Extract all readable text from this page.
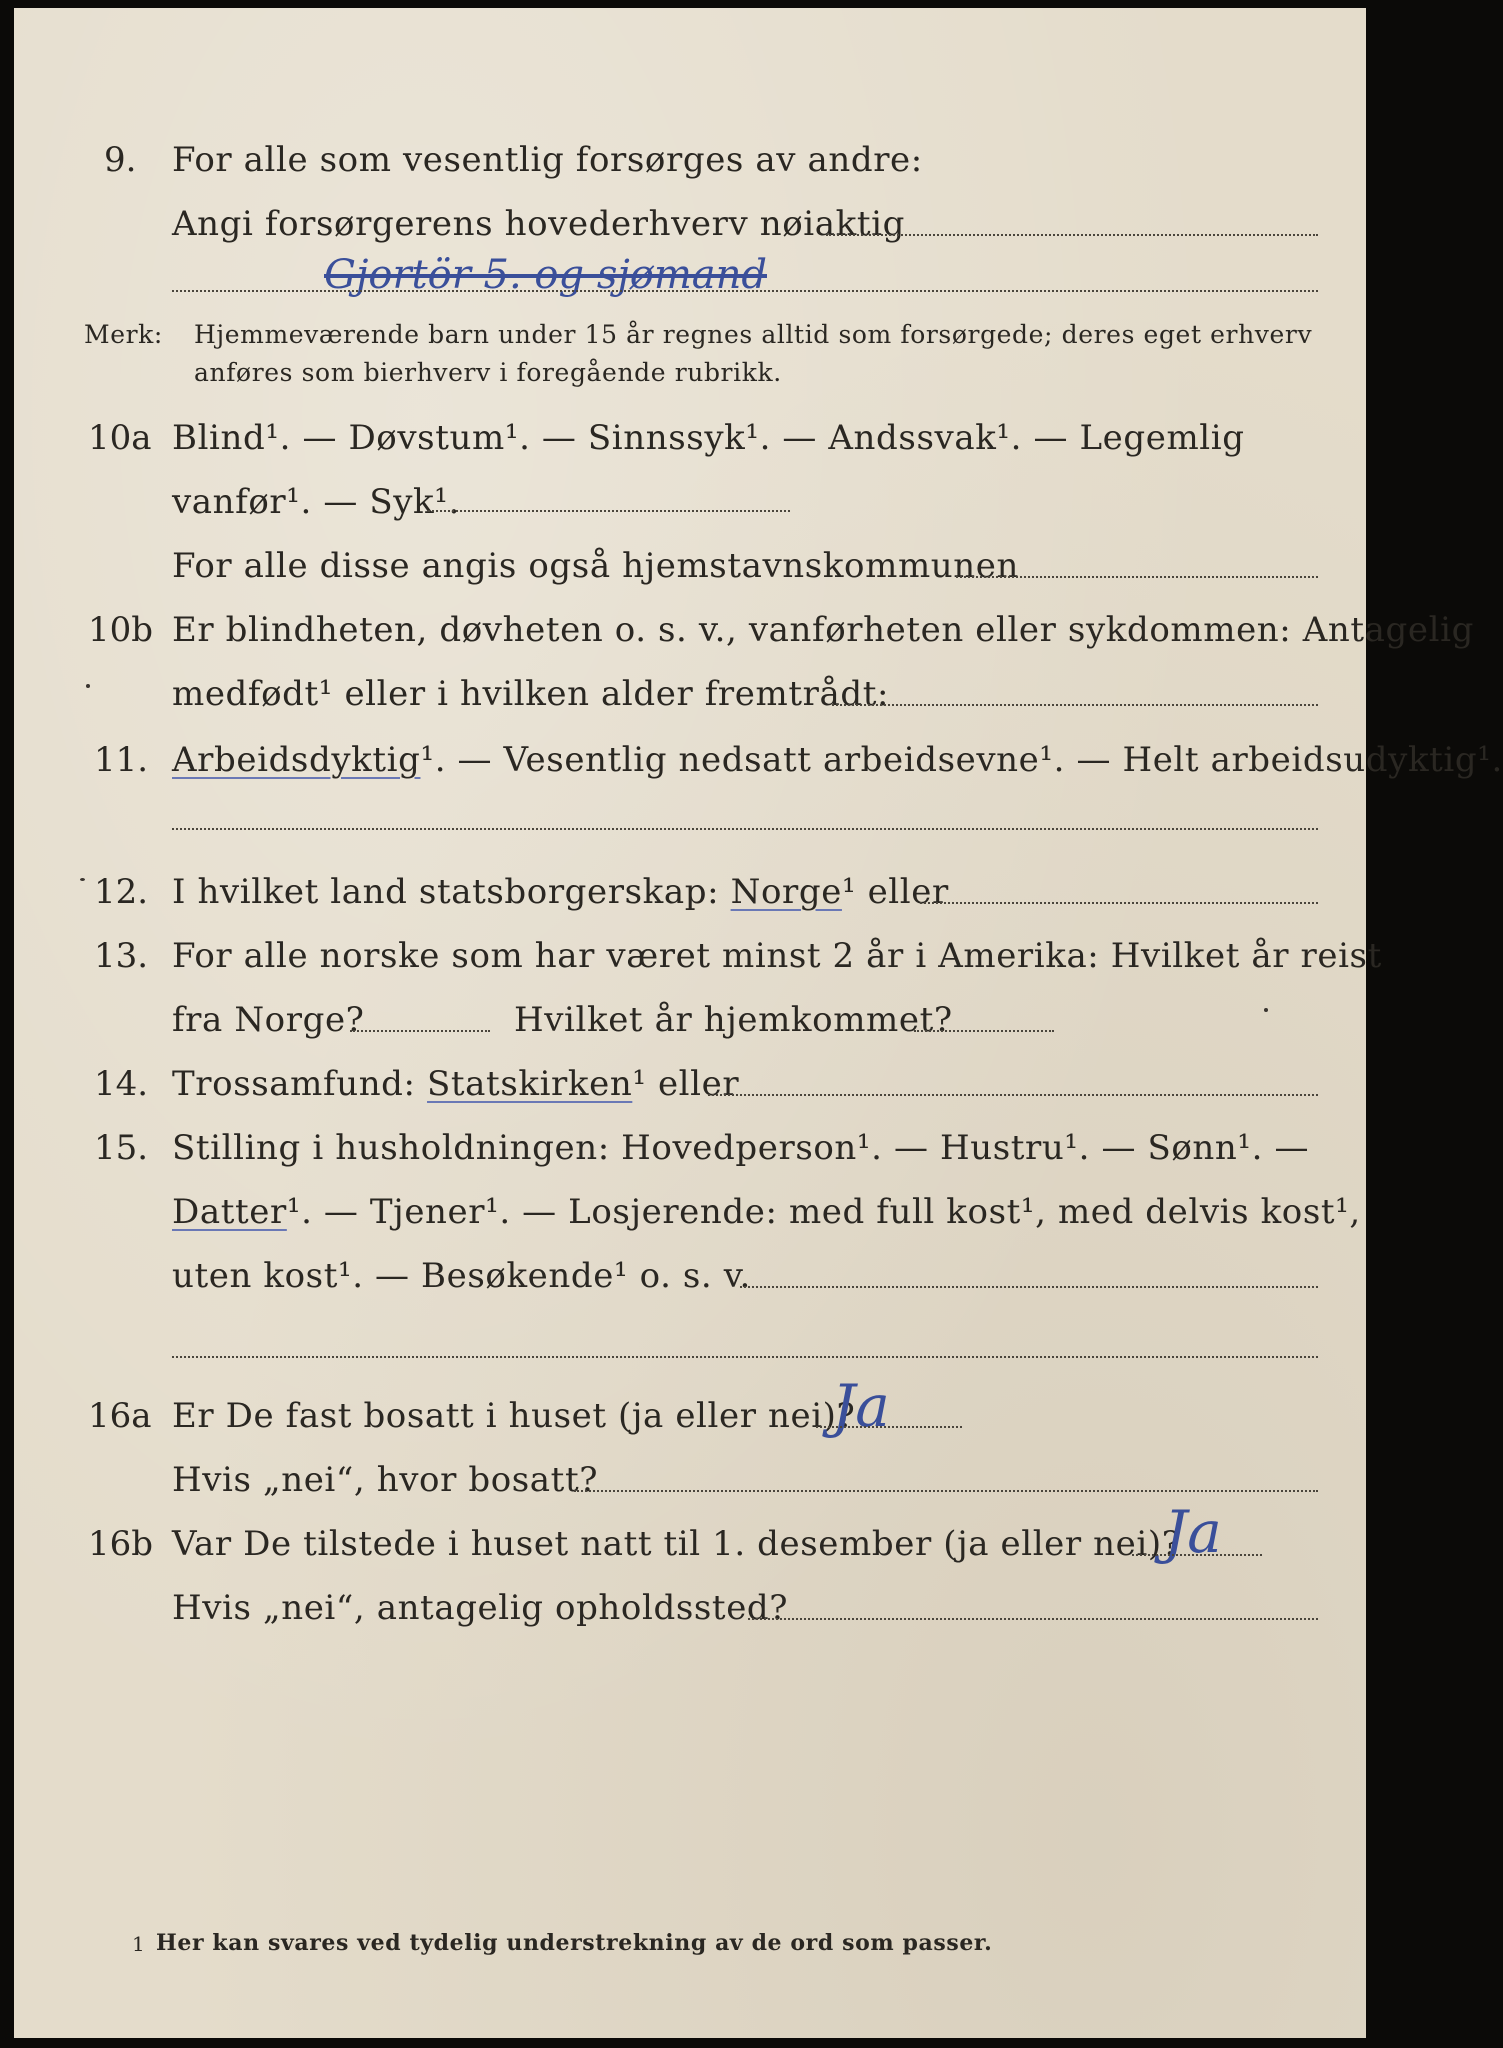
9. For alle som vesentlig forsørges av andre:
Angi forsørgerens hovederhverv nøiaktig
Gjortör 5. og sjømand
Merk: Hjemmeværende barn under 15 år regnes alltid som forsørgede; deres eget erhverv
anføres som bierhverv i foregående rubrikk.
10a Blind¹. — Døvstum¹. — Sinnssyk¹. — Andssvak¹. — Legemlig
vanfør¹. — Syk¹.
For alle disse angis også hjemstavnskommunen
10b Er blindheten, døvheten o. s. v., vanførheten eller sykdommen: Antagelig
medfødt¹ eller i hvilken alder fremtrådt:
11. Arbeidsdyktig¹. — Vesentlig nedsatt arbeidsevne¹. — Helt arbeidsudyktig¹.
12. I hvilket land statsborgerskap: Norge¹ eller
13. For alle norske som har været minst 2 år i Amerika: Hvilket år reist
fra Norge?	Hvilket år hjemkommet?
14. Trossamfund: Statskirken¹ eller
15. Stilling i husholdningen: Hovedperson¹. — Hustru¹. — Sønn¹. —
Datter¹. — Tjener¹. — Losjerende: med full kost¹, med delvis kost¹,
uten kost¹. — Besøkende¹ o. s. v.
16a Er De fast bosatt i huset (ja eller nei)?
Ja
Hvis „nei“, hvor bosatt?
16b Var De tilstede i huset natt til 1. desember (ja eller nei)?
Ja
Hvis „nei“, antagelig opholdssted?
1 Her kan svares ved tydelig understrekning av de ord som passer.
